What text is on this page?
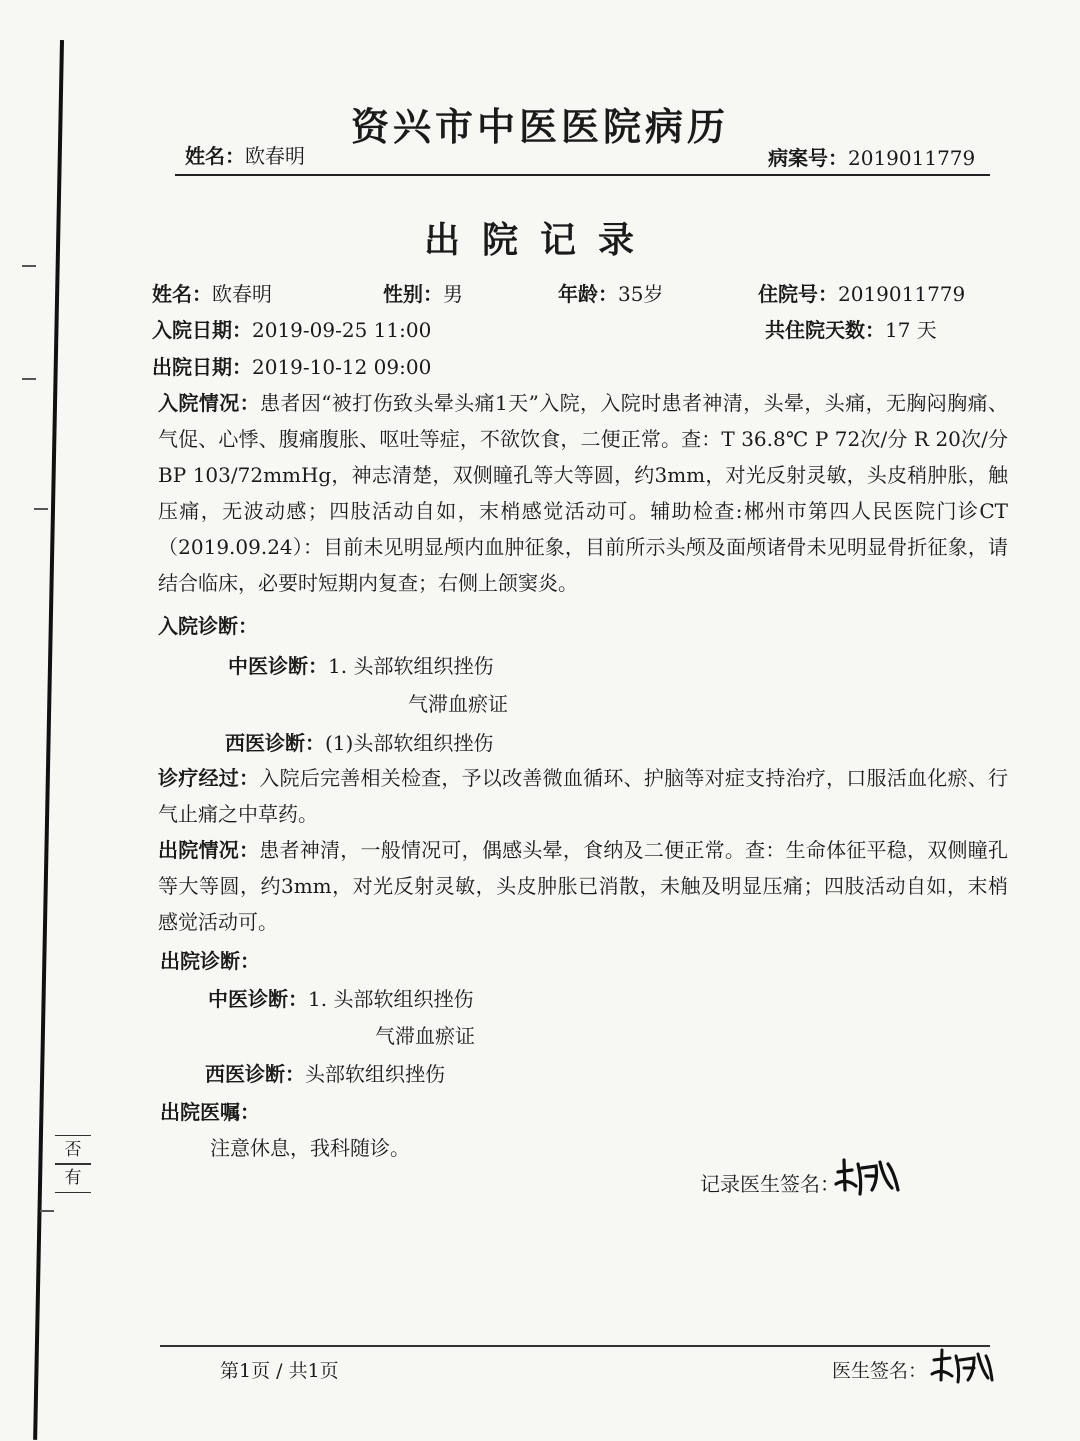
否
有
资兴市中医医院病历
姓名：欧春明	病案号：2019011779
出院记录
姓名：欧春明	性别：男	年龄：35岁	住院号：2019011779
入院日期：2019-09-25 11:00	共住院天数：17 天
出院日期：2019-10-12 09:00
入院情况：患者因“被打伤致头晕头痛1天”入院，入院时患者神清，头晕，头痛，无胸闷胸痛、气促、心悸、腹痛腹胀、呕吐等症，不欲饮食，二便正常。查：T 36.8℃ P 72次/分 R 20次/分 BP 103/72mmHg，神志清楚，双侧瞳孔等大等圆，约3mm，对光反射灵敏，头皮稍肿胀，触压痛，无波动感；四肢活动自如，末梢感觉活动可。辅助检查:郴州市第四人民医院门诊CT（2019.09.24）：目前未见明显颅内血肿征象，目前所示头颅及面颅诸骨未见明显骨折征象，请结合临床，必要时短期内复查；右侧上颌窦炎。
入院诊断：
中医诊断：1. 头部软组织挫伤
气滞血瘀证
西医诊断：(1)头部软组织挫伤
诊疗经过：入院后完善相关检查，予以改善微血循环、护脑等对症支持治疗，口服活血化瘀、行气止痛之中草药。
出院情况：患者神清，一般情况可，偶感头晕，食纳及二便正常。查：生命体征平稳，双侧瞳孔等大等圆，约3mm，对光反射灵敏，头皮肿胀已消散，未触及明显压痛；四肢活动自如，末梢感觉活动可。
出院诊断：
中医诊断：1. 头部软组织挫伤
气滞血瘀证
西医诊断：头部软组织挫伤
出院医嘱：
注意休息，我科随诊。
记录医生签名：
第1页 / 共1页	医生签名：
